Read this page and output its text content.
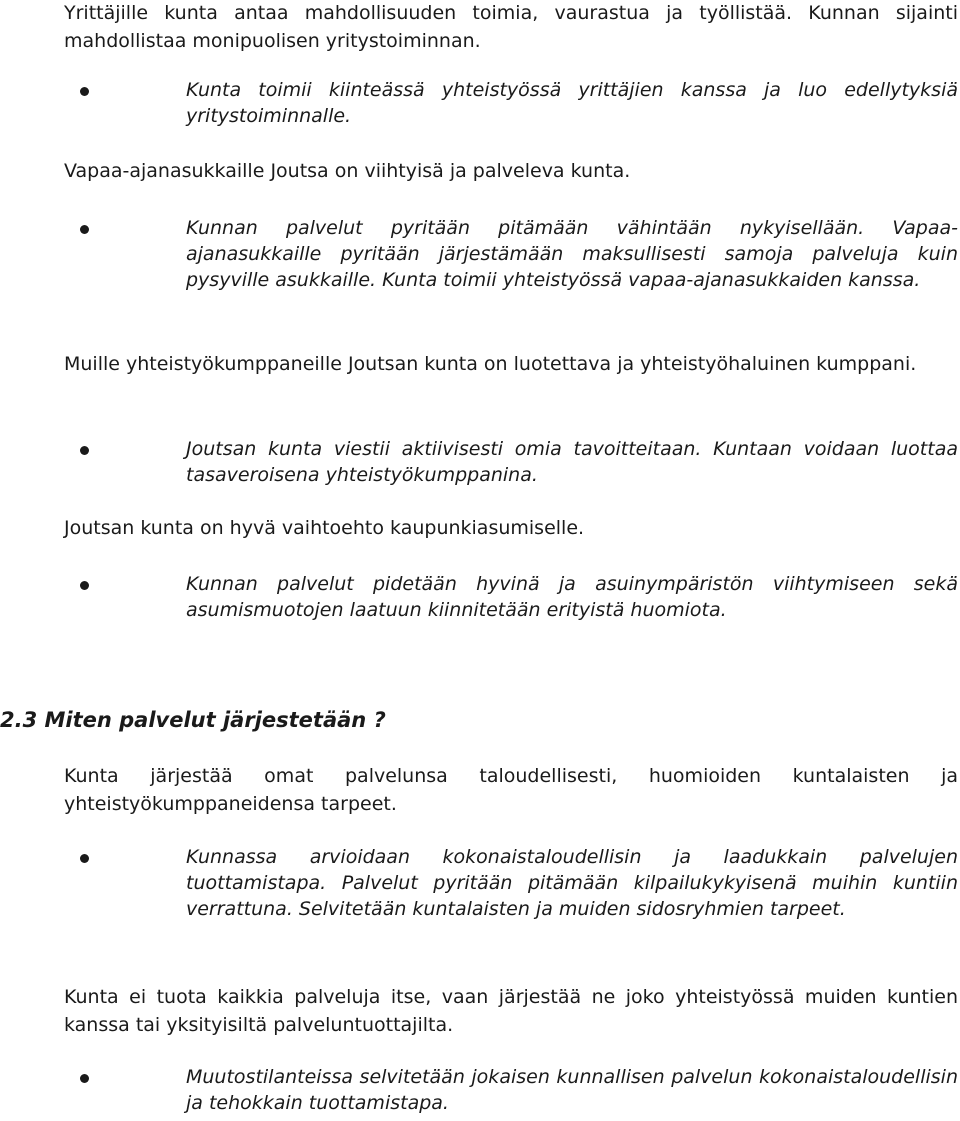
Yrittäjille kunta antaa mahdollisuuden toimia, vaurastua ja työllistää. Kunnan sijainti mahdollistaa monipuolisen yritystoiminnan.

Kunta toimii kiinteässä yhteistyössä yrittäjien kanssa ja luo edellytyksiä yritystoiminnalle.

Vapaa-ajanasukkaille Joutsa on viihtyisä ja palveleva kunta.

Kunnan palvelut pyritään pitämään vähintään nykyisellään. Vapaa-ajanasukkaille pyritään järjestämään maksullisesti samoja palveluja kuin pysyville asukkaille. Kunta toimii yhteistyössä vapaa-ajanasukkaiden kanssa.

Muille yhteistyökumppaneille Joutsan kunta on luotettava ja yhteistyöhaluinen kumppani.

Joutsan kunta viestii aktiivisesti omia tavoitteitaan. Kuntaan voidaan luottaa tasaveroisena yhteistyökumppanina.

Joutsan kunta on hyvä vaihtoehto kaupunkiasumiselle.

Kunnan palvelut pidetään hyvinä ja asuinympäristön viihtymiseen sekä asumismuotojen laatuun kiinnitetään erityistä huomiota.

2.3 Miten palvelut järjestetään ?

Kunta järjestää omat palvelunsa taloudellisesti, huomioiden kuntalaisten ja yhteistyökumppaneidensa tarpeet.

Kunnassa arvioidaan kokonaistaloudellisin ja laadukkain palvelujen tuottamistapa. Palvelut pyritään pitämään kilpailukykyisenä muihin kuntiin verrattuna. Selvitetään kuntalaisten ja muiden sidosryhmien tarpeet.

Kunta ei tuota kaikkia palveluja itse, vaan järjestää ne joko yhteistyössä muiden kuntien kanssa tai yksityisiltä palveluntuottajilta.

Muutostilanteissa selvitetään jokaisen kunnallisen palvelun kokonaistaloudellisin ja tehokkain tuottamistapa.
